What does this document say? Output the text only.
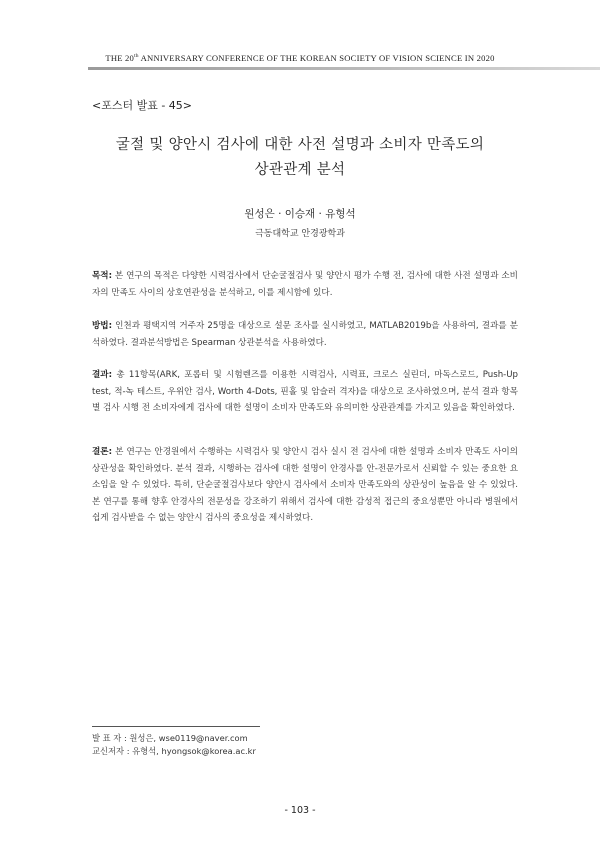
THE 20th ANNIVERSARY CONFERENCE OF THE KOREAN SOCIETY OF VISION SCIENCE IN 2020
<포스터 발표 - 45>
굴절 및 양안시 검사에 대한 사전 설명과 소비자 만족도의
상관관계 분석
원성은 · 이승재 · 유형석
극동대학교 안경광학과
목적: 본 연구의 목적은 다양한 시력검사에서 단순굴절검사 및 양안시 평가 수행 전, 검사에 대한 사전 설명과 소비자의 만족도 사이의 상호연관성을 분석하고, 이를 제시함에 있다.
방법: 인천과 평택지역 거주자 25명을 대상으로 설문 조사를 실시하였고, MATLAB2019b을 사용하여, 결과를 분석하였다. 결과분석방법은 Spearman 상관분석을 사용하였다.
결과: 총 11항목(ARK, 포롭터 및 시험렌즈를 이용한 시력검사, 시력표, 크로스 실린더, 마독스로드, Push-Up test, 적-녹 테스트, 우위안 검사, Worth 4-Dots, 핀홀 및 암슬러 격자)을 대상으로 조사하였으며, 분석 결과 항목별 검사 시행 전 소비자에게 검사에 대한 설명이 소비자 만족도와 유의미한 상관관계를 가지고 있음을 확인하였다.
결론: 본 연구는 안경원에서 수행하는 시력검사 및 양안시 검사 실시 전 검사에 대한 설명과 소비자 만족도 사이의 상관성을 확인하였다. 분석 결과, 시행하는 검사에 대한 설명이 안경사를 안-전문가로서 신뢰할 수 있는 중요한 요소임을 알 수 있었다. 특히, 단순굴절검사보다 양안시 검사에서 소비자 만족도와의 상관성이 높음을 알 수 있었다. 본 연구를 통해 향후 안경사의 전문성을 강조하기 위해서 검사에 대한 감성적 접근의 중요성뿐만 아니라 병원에서 쉽게 검사받을 수 없는 양안시 검사의 중요성을 제시하였다.
발 표 자 : 원성은, wse0119@naver.com
교신저자 : 유형석, hyongsok@korea.ac.kr
- 103 -
